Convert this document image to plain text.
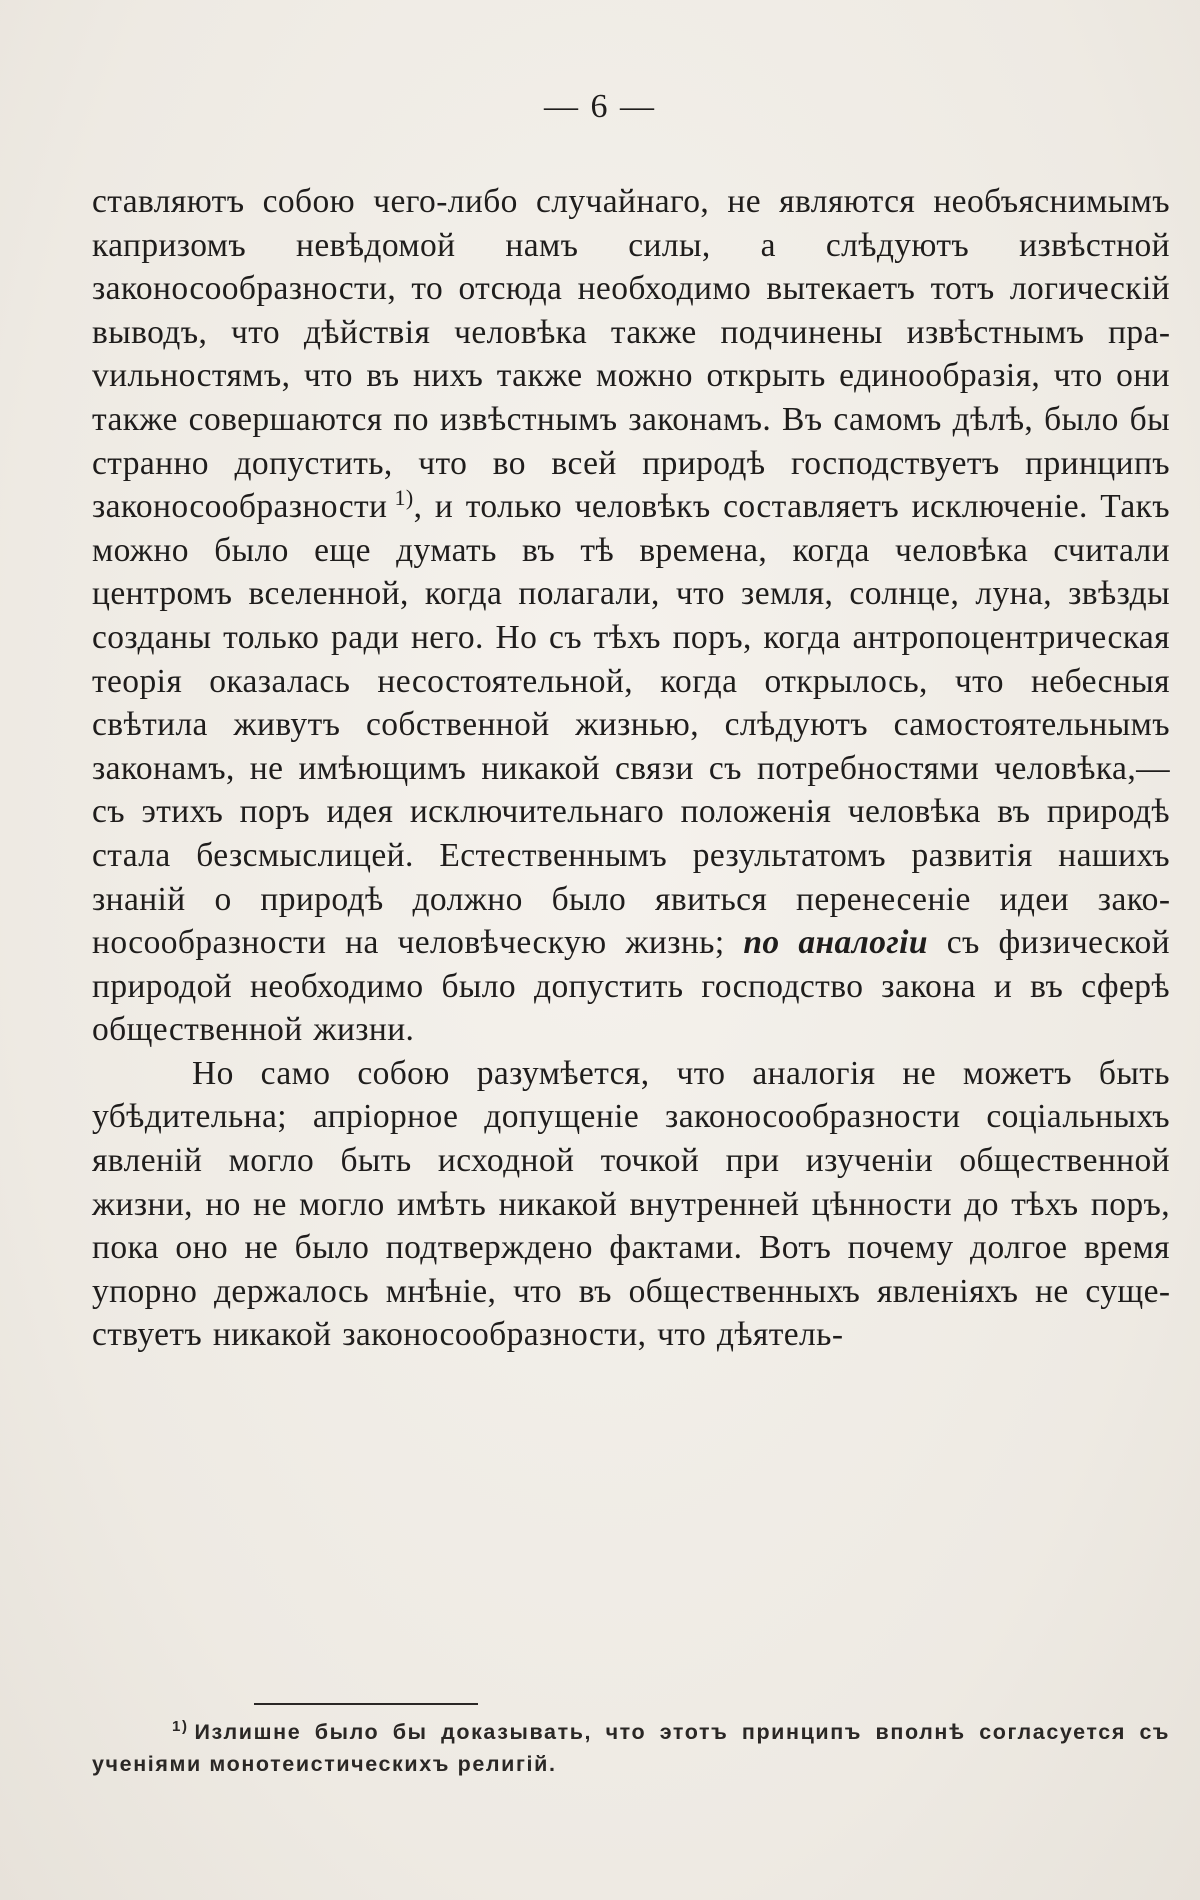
— 6 —

ставляютъ собою чего-либо случайнаго, не являются необъяснимымъ капризомъ невѣдомой намъ силы, а слѣдуютъ извѣстной законосообразности, то отсюда необходимо вытекаетъ тотъ логическій выводъ, что дѣйствія человѣка также подчинены извѣстнымъ праvильностямъ, что въ нихъ также можно открыть единообразія, что они также совершаются по извѣстнымъ законамъ. Въ самомъ дѣлѣ, было бы странно допустить, что во всей природѣ господствуетъ принципъ законосообразности  $^{1)}$, и только человѣкъ составляетъ исключеніе. Такъ можно было еще думать въ тѣ времена, когда человѣка считали центромъ вселенной, когда полагали, что земля, солнце, луна, звѣзды созданы только ради него. Но съ тѣхъ поръ, когда антропоцентрическая теорія оказалась несостоятельной, когда открылось, что небесныя свѣтила живутъ собственной жизнью, слѣдуютъ самостоятельнымъ законамъ, не имѣющимъ никакой связи съ потребностями человѣка,—съ этихъ поръ идея исключительнаго положенія человѣка въ природѣ стала безсмыслицей. Естественнымъ результатомъ развитія нашихъ знаній о природѣ должно было явиться перенесеніе идеи законосообразности на человѣческую жизнь; по аналогіи съ физической природой необходимо было допустить господство закона и въ сферѣ общественной жизни.

Но само собою разумѣется, что аналогія не можетъ быть убѣдительна; апріорное допущеніе законосообразности соціальныхъ явленій могло быть исходной точкой при изученіи общественной жизни, но не могло имѣть никакой внутренней цѣнности до тѣхъ поръ, пока оно не было подтверждено фактами. Вотъ почему долгое время упорно держалось мнѣніе, что въ общественныхъ явленіяхъ не существуетъ никакой законосообразности, что дѣятель-

$^{1)}$  Излишне было бы доказывать, что этотъ принципъ вполнѣ согласуется съ ученіями монотеистическихъ религій.
